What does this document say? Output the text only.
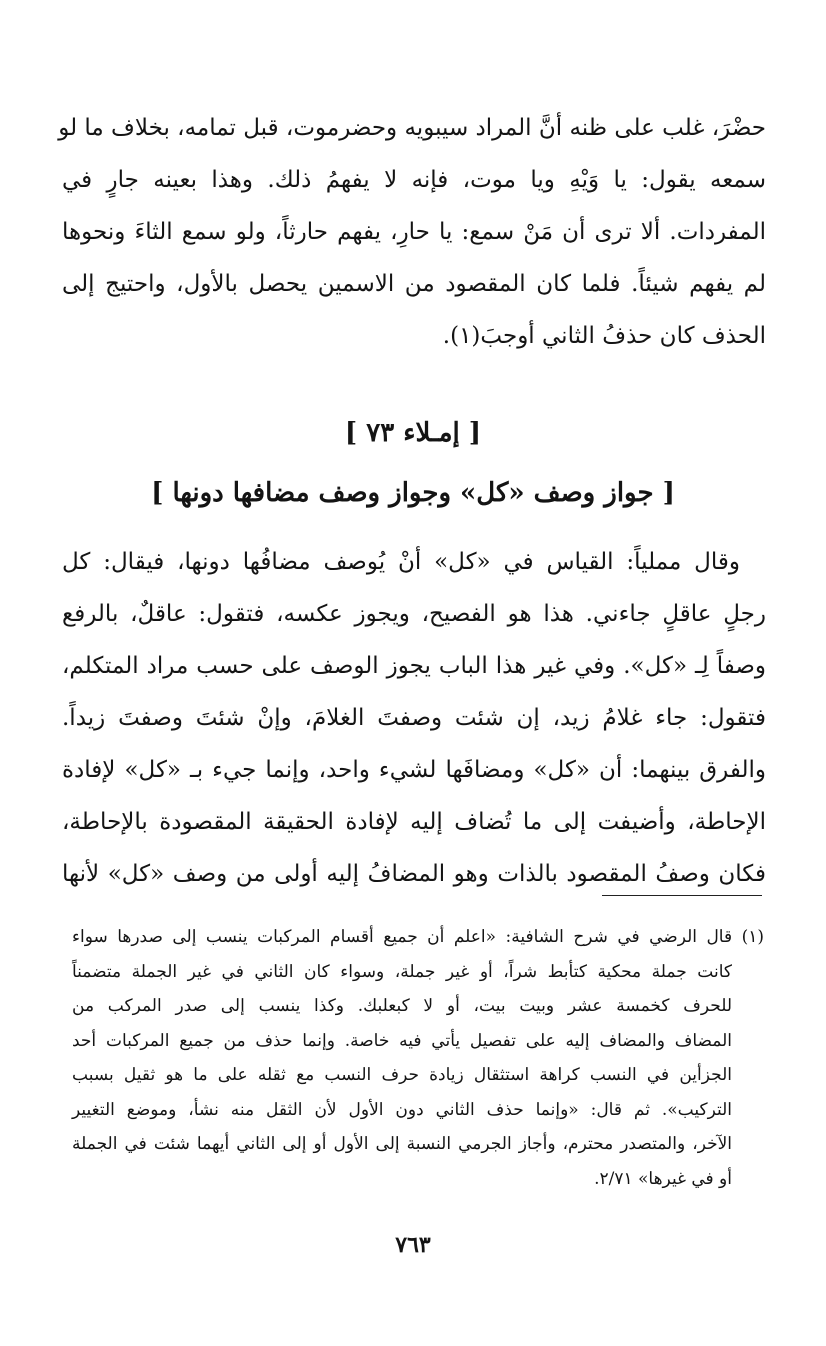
حضْرَ، غلب على ظنه أنَّ المراد سيبويه وحضرموت، قبل تمامه، بخلاف ما لو
سمعه يقول: يا وَيْهِ ويا موت، فإنه لا يفهمُ ذلك. وهذا بعينه جارٍ في
المفردات. ألا ترى أن مَنْ سمع: يا حارِ، يفهم حارثاً، ولو سمع الثاءَ ونحوها
لم يفهم شيئاً. فلما كان المقصود من الاسمين يحصل بالأول، واحتيج إلى
الحذف كان حذفُ الثاني أوجبَ(١).
[ إمـلاء ٧٣ ]
[ جواز وصف «كل» وجواز وصف مضافها دونها ]
وقال مملياً: القياس في «كل» أنْ يُوصف مضافُها دونها، فيقال: كل
رجلٍ عاقلٍ جاءني. هذا هو الفصيح، ويجوز عكسه، فتقول: عاقلٌ، بالرفع
وصفاً لِـ «كل». وفي غير هذا الباب يجوز الوصف على حسب مراد المتكلم،
فتقول: جاء غلامُ زيد، إن شئت وصفتَ الغلامَ، وإنْ شئتَ وصفتَ زيداً.
والفرق بينهما: أن «كل» ومضافَها لشيء واحد، وإنما جيء بـ «كل» لإفادة
الإحاطة، وأضيفت إلى ما تُضاف إليه لإفادة الحقيقة المقصودة بالإحاطة،
فكان وصفُ المقصود بالذات وهو المضافُ إليه أولى من وصف «كل» لأنها
(١) قال الرضي في شرح الشافية: «اعلم أن جميع أقسام المركبات ينسب إلى صدرها سواء
كانت جملة محكية كتأبط شراً، أو غير جملة، وسواء كان الثاني في غير الجملة متضمناً
للحرف كخمسة عشر وبيت بيت، أو لا كبعلبك. وكذا ينسب إلى صدر المركب من
المضاف والمضاف إليه على تفصيل يأتي فيه خاصة. وإنما حذف من جميع المركبات أحد
الجزأين في النسب كراهة استثقال زيادة حرف النسب مع ثقله على ما هو ثقيل بسبب
التركيب». ثم قال: «وإنما حذف الثاني دون الأول لأن الثقل منه نشأ، وموضع التغيير
الآخر، والمتصدر محترم، وأجاز الجرمي النسبة إلى الأول أو إلى الثاني أيهما شئت في الجملة
أو في غيرها» ٢/٧١.
٧٦٣
